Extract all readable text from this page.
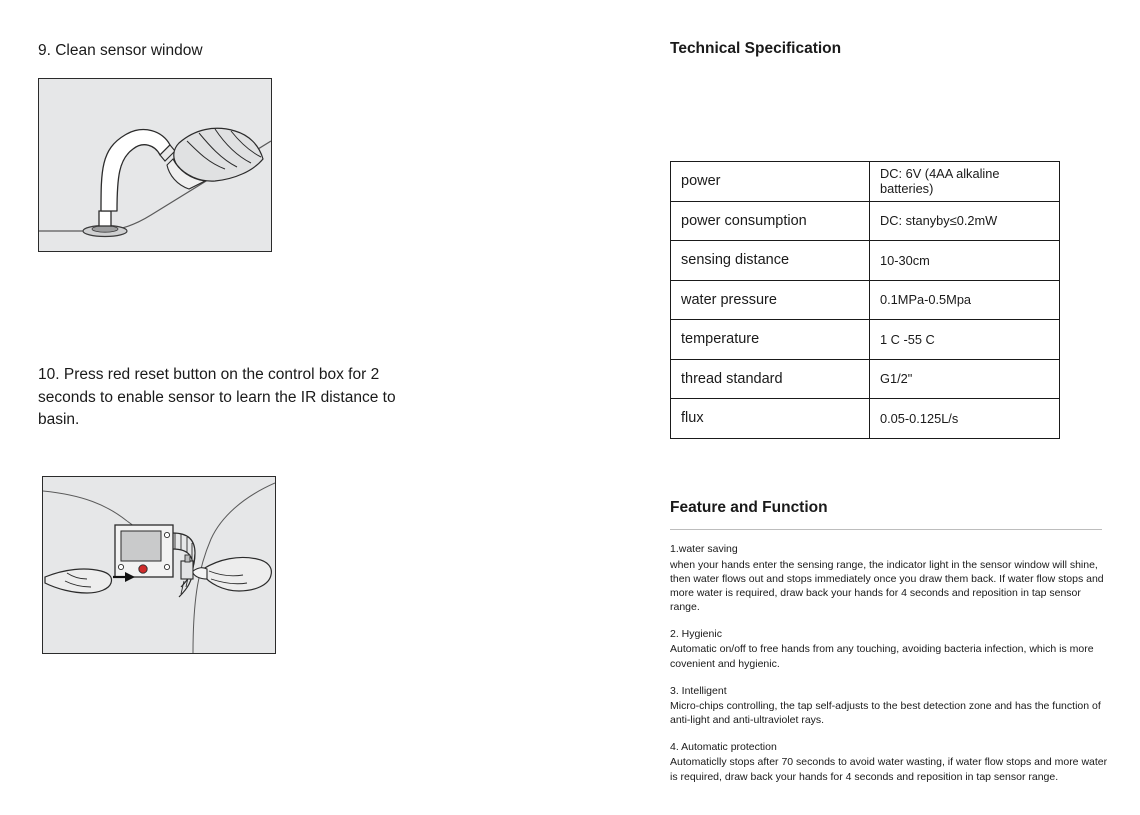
9. Clean sensor window

10. Press red reset button on the control box for 2 seconds to enable sensor to learn the IR distance to basin.

Technical Specification
power	DC: 6V (4AA alkaline batteries)
power consumption	DC: stanyby≤0.2mW
sensing distance	10-30cm
water pressure	0.1MPa-0.5Mpa
temperature	1 C -55 C
thread standard	G1/2"
flux	0.05-0.125L/s
Feature and Function

1.water saving

when your hands enter the sensing range, the indicator light in the sensor window will shine, then water flows out and stops immediately once you draw them back. If water flow stops and more water is required, draw back your hands for 4 seconds and reposition in tap sensor range.

2. Hygienic

Automatic on/off to free hands from any touching, avoiding bacteria infection, which is more covenient and hygienic.

3. Intelligent

Micro-chips controlling, the tap self-adjusts to the best detection zone and has the function of anti-light and anti-ultraviolet rays.

4. Automatic protection

Automaticlly stops after 70 seconds to avoid water wasting, if water flow stops and more water is required, draw back your hands for 4 seconds and reposition in tap sensor range.
